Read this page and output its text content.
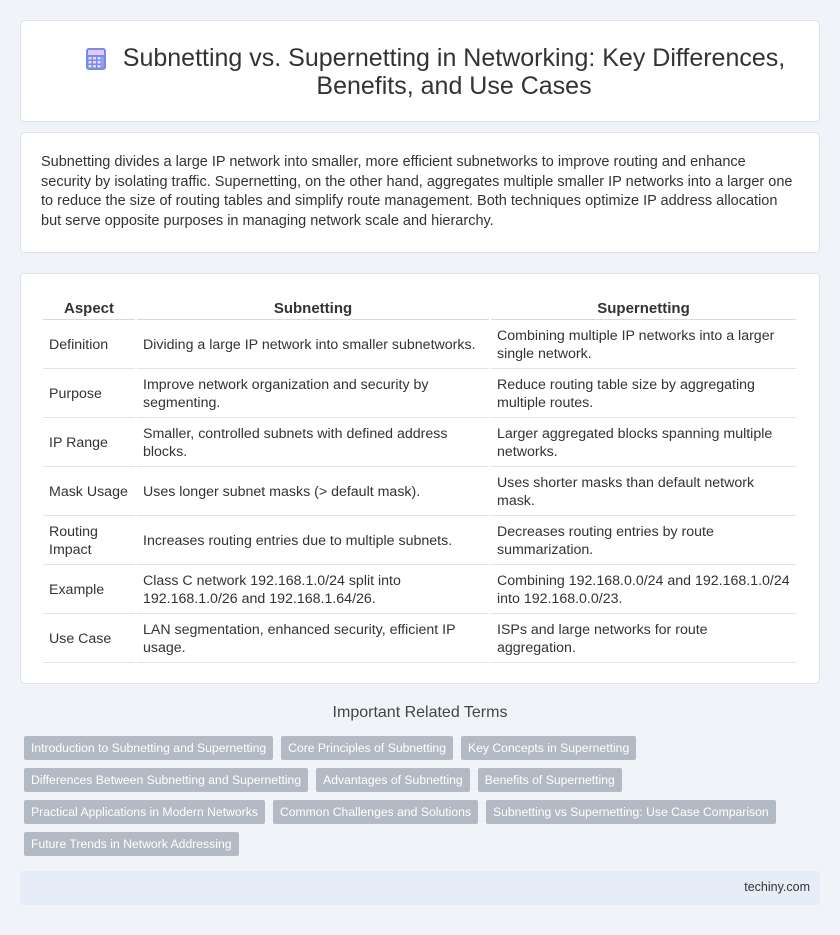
Subnetting vs. Supernetting in Networking: Key Differences, Benefits, and Use Cases

Subnetting divides a large IP network into smaller, more efficient subnetworks to improve routing and enhance security by isolating traffic. Supernetting, on the other hand, aggregates multiple smaller IP networks into a larger one to reduce the size of routing tables and simplify route management. Both techniques optimize IP address allocation but serve opposite purposes in managing network scale and hierarchy.

Aspect	Subnetting	Supernetting
Definition	Dividing a large IP network into smaller subnetworks.	Combining multiple IP networks into a larger single network.
Purpose	Improve network organization and security by segmenting.	Reduce routing table size by aggregating multiple routes.
IP Range	Smaller, controlled subnets with defined address blocks.	Larger aggregated blocks spanning multiple networks.
Mask Usage	Uses longer subnet masks (> default mask).	Uses shorter masks than default network mask.
Routing Impact	Increases routing entries due to multiple subnets.	Decreases routing entries by route summarization.
Example	Class C network 192.168.1.0/24 split into 192.168.1.0/26 and 192.168.1.64/26.	Combining 192.168.0.0/24 and 192.168.1.0/24 into 192.168.0.0/23.
Use Case	LAN segmentation, enhanced security, efficient IP usage.	ISPs and large networks for route aggregation.
Important Related Terms
Introduction to Subnetting and Supernetting	Core Principles of Subnetting	Key Concepts in Supernetting
Differences Between Subnetting and Supernetting	Advantages of Subnetting	Benefits of Supernetting
Practical Applications in Modern Networks	Common Challenges and Solutions	Subnetting vs Supernetting: Use Case Comparison
Future Trends in Network Addressing
techiny.com
